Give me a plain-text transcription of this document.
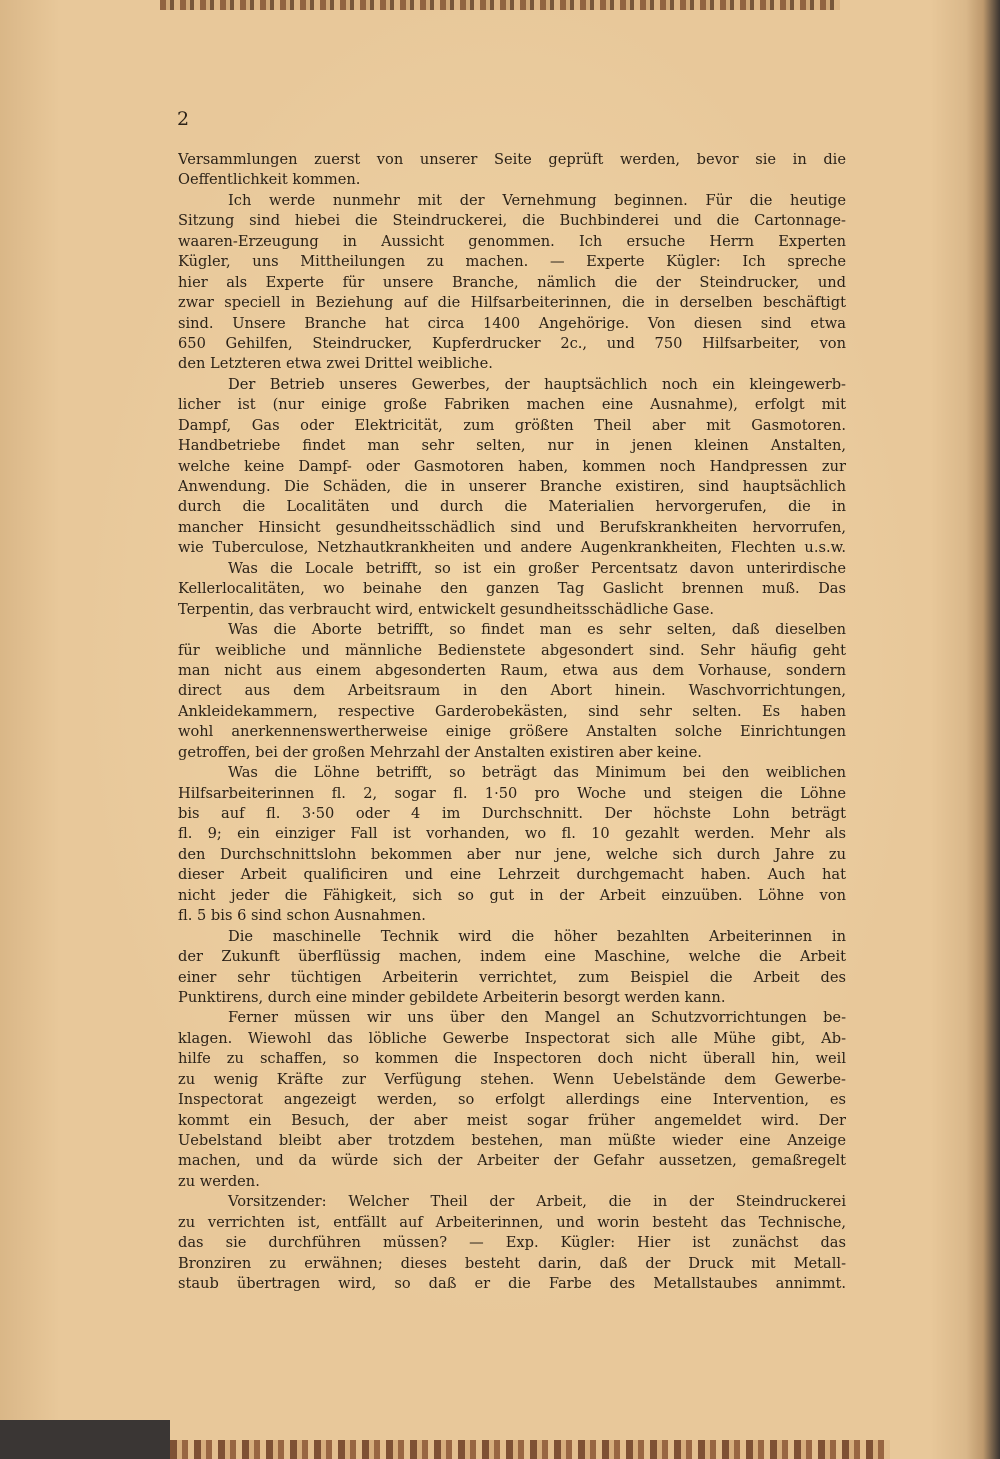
2
Versammlungen zuerst von unserer Seite geprüft werden, bevor sie in die
Oeffentlichkeit kommen.
Ich werde nunmehr mit der Vernehmung beginnen. Für die heutige
Sitzung sind hiebei die Steindruckerei, die Buchbinderei und die Cartonnage-
waaren-Erzeugung in Aussicht genommen. Ich ersuche Herrn Experten
Kügler, uns Mittheilungen zu machen. — Experte Kügler: Ich spreche
hier als Experte für unsere Branche, nämlich die der Steindrucker, und
zwar speciell in Beziehung auf die Hilfsarbeiterinnen, die in derselben beschäftigt
sind. Unsere Branche hat circa 1400 Angehörige. Von diesen sind etwa
650 Gehilfen, Steindrucker, Kupferdrucker 2c., und 750 Hilfsarbeiter, von
den Letzteren etwa zwei Drittel weibliche.
Der Betrieb unseres Gewerbes, der hauptsächlich noch ein kleingewerb-
licher ist (nur einige große Fabriken machen eine Ausnahme), erfolgt mit
Dampf, Gas oder Elektricität, zum größten Theil aber mit Gasmotoren.
Handbetriebe findet man sehr selten, nur in jenen kleinen Anstalten,
welche keine Dampf- oder Gasmotoren haben, kommen noch Handpressen zur
Anwendung. Die Schäden, die in unserer Branche existiren, sind hauptsächlich
durch die Localitäten und durch die Materialien hervorgerufen, die in
mancher Hinsicht gesundheitsschädlich sind und Berufskrankheiten hervorrufen,
wie Tuberculose, Netzhautkrankheiten und andere Augenkrankheiten, Flechten u.s.w.
Was die Locale betrifft, so ist ein großer Percentsatz davon unterirdische
Kellerlocalitäten, wo beinahe den ganzen Tag Gaslicht brennen muß. Das
Terpentin, das verbraucht wird, entwickelt gesundheitsschädliche Gase.
Was die Aborte betrifft, so findet man es sehr selten, daß dieselben
für weibliche und männliche Bedienstete abgesondert sind. Sehr häufig geht
man nicht aus einem abgesonderten Raum, etwa aus dem Vorhause, sondern
direct aus dem Arbeitsraum in den Abort hinein. Waschvorrichtungen,
Ankleidekammern, respective Garderobekästen, sind sehr selten. Es haben
wohl anerkennenswertherweise einige größere Anstalten solche Einrichtungen
getroffen, bei der großen Mehrzahl der Anstalten existiren aber keine.
Was die Löhne betrifft, so beträgt das Minimum bei den weiblichen
Hilfsarbeiterinnen fl. 2, sogar fl. 1·50 pro Woche und steigen die Löhne
bis auf fl. 3·50 oder 4 im Durchschnitt. Der höchste Lohn beträgt
fl. 9; ein einziger Fall ist vorhanden, wo fl. 10 gezahlt werden. Mehr als
den Durchschnittslohn bekommen aber nur jene, welche sich durch Jahre zu
dieser Arbeit qualificiren und eine Lehrzeit durchgemacht haben. Auch hat
nicht jeder die Fähigkeit, sich so gut in der Arbeit einzuüben. Löhne von
fl. 5 bis 6 sind schon Ausnahmen.
Die maschinelle Technik wird die höher bezahlten Arbeiterinnen in
der Zukunft überflüssig machen, indem eine Maschine, welche die Arbeit
einer sehr tüchtigen Arbeiterin verrichtet, zum Beispiel die Arbeit des
Punktirens, durch eine minder gebildete Arbeiterin besorgt werden kann.
Ferner müssen wir uns über den Mangel an Schutzvorrichtungen be-
klagen. Wiewohl das löbliche Gewerbe Inspectorat sich alle Mühe gibt, Ab-
hilfe zu schaffen, so kommen die Inspectoren doch nicht überall hin, weil
zu wenig Kräfte zur Verfügung stehen. Wenn Uebelstände dem Gewerbe-
Inspectorat angezeigt werden, so erfolgt allerdings eine Intervention, es
kommt ein Besuch, der aber meist sogar früher angemeldet wird. Der
Uebelstand bleibt aber trotzdem bestehen, man müßte wieder eine Anzeige
machen, und da würde sich der Arbeiter der Gefahr aussetzen, gemaßregelt
zu werden.
Vorsitzender: Welcher Theil der Arbeit, die in der Steindruckerei
zu verrichten ist, entfällt auf Arbeiterinnen, und worin besteht das Technische,
das sie durchführen müssen? — Exp. Kügler: Hier ist zunächst das
Bronziren zu erwähnen; dieses besteht darin, daß der Druck mit Metall-
staub übertragen wird, so daß er die Farbe des Metallstaubes annimmt.
